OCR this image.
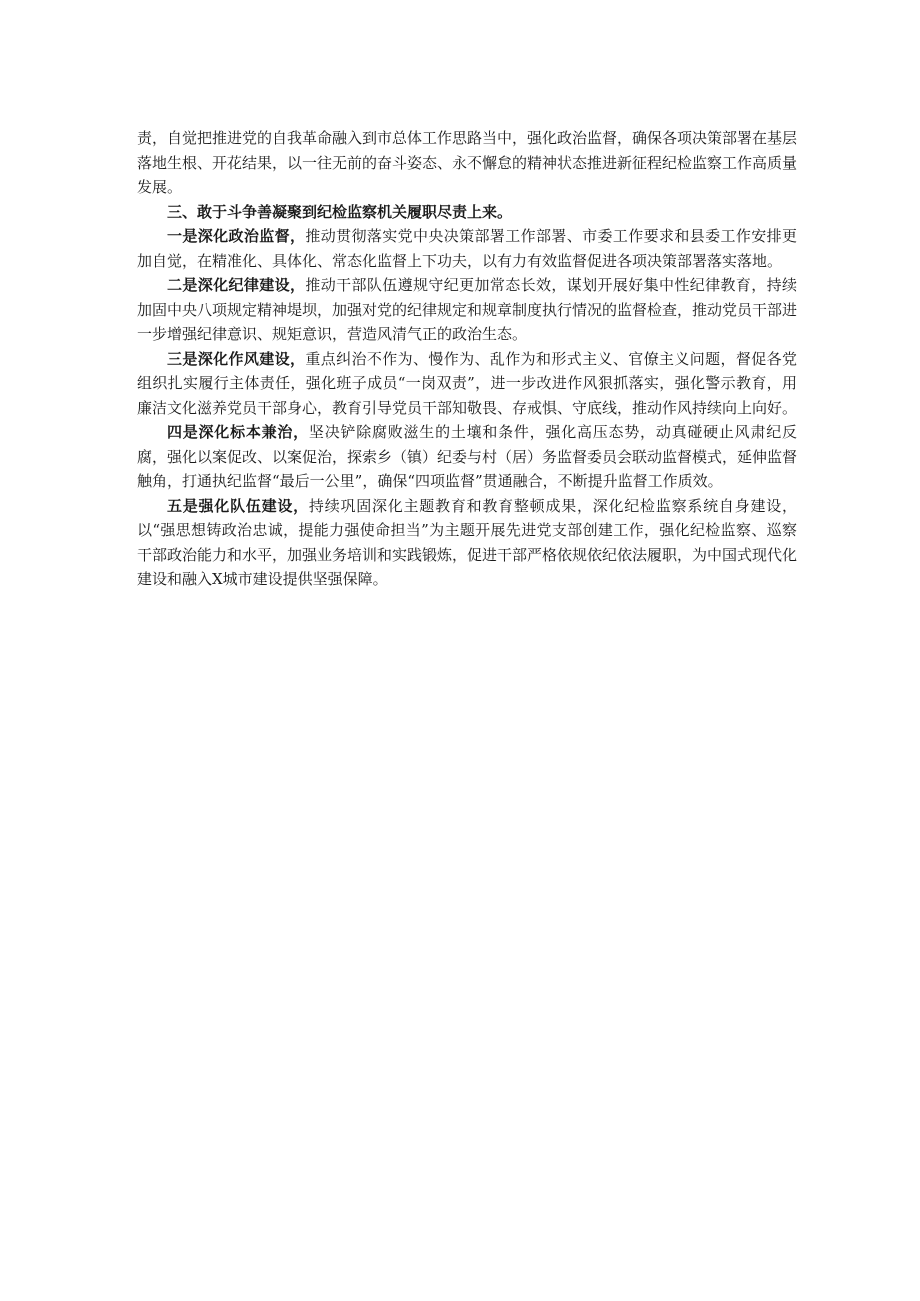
责，自觉把推进党的自我革命融入到市总体工作思路当中，强化政治监督，确保各项决策部署在基层落地生根、开花结果，以一往无前的奋斗姿态、永不懈怠的精神状态推进新征程纪检监察工作高质量发展。

三、敢于斗争善凝聚到纪检监察机关履职尽责上来。

一是深化政治监督，推动贯彻落实党中央决策部署工作部署、市委工作要求和县委工作安排更加自觉，在精准化、具体化、常态化监督上下功夫，以有力有效监督促进各项决策部署落实落地。

二是深化纪律建设，推动干部队伍遵规守纪更加常态长效，谋划开展好集中性纪律教育，持续加固中央八项规定精神堤坝，加强对党的纪律规定和规章制度执行情况的监督检查，推动党员干部进一步增强纪律意识、规矩意识，营造风清气正的政治生态。

三是深化作风建设，重点纠治不作为、慢作为、乱作为和形式主义、官僚主义问题，督促各党组织扎实履行主体责任，强化班子成员“一岗双责”，进一步改进作风狠抓落实，强化警示教育，用廉洁文化滋养党员干部身心，教育引导党员干部知敬畏、存戒惧、守底线，推动作风持续向上向好。

四是深化标本兼治，坚决铲除腐败滋生的土壤和条件，强化高压态势，动真碰硬止风肃纪反腐，强化以案促改、以案促治，探索乡（镇）纪委与村（居）务监督委员会联动监督模式，延伸监督触角，打通执纪监督“最后一公里”，确保“四项监督”贯通融合，不断提升监督工作质效。

五是强化队伍建设，持续巩固深化主题教育和教育整顿成果，深化纪检监察系统自身建设，以“强思想铸政治忠诚，提能力强使命担当”为主题开展先进党支部创建工作，强化纪检监察、巡察干部政治能力和水平，加强业务培训和实践锻炼，促进干部严格依规依纪依法履职，为中国式现代化建设和融入X城市建设提供坚强保障。
